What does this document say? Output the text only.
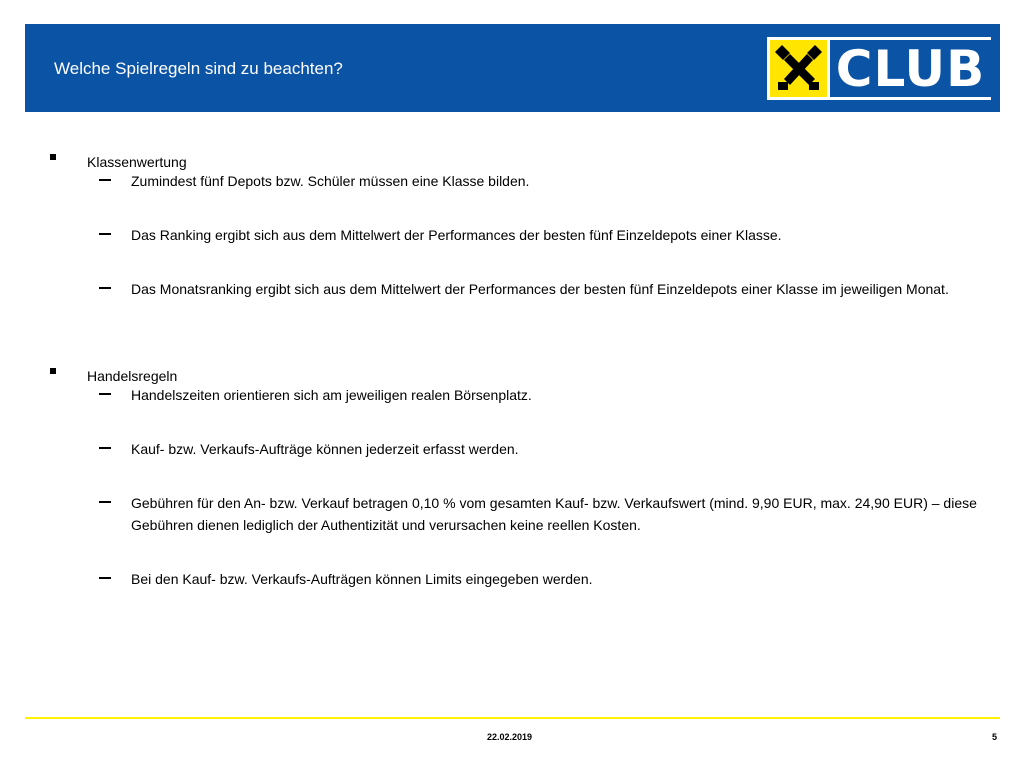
Welche Spielregeln sind zu beachten?	CLUB
Klassenwertung
Zumindest fünf Depots bzw. Schüler müssen eine Klasse bilden.
Das Ranking ergibt sich aus dem Mittelwert der Performances der besten fünf Einzeldepots einer Klasse.
Das Monatsranking ergibt sich aus dem Mittelwert der Performances der besten fünf Einzeldepots einer Klasse im jeweiligen Monat.
Handelsregeln
Handelszeiten orientieren sich am jeweiligen realen Börsenplatz.
Kauf- bzw. Verkaufs-Aufträge können jederzeit erfasst werden.
Gebühren für den An- bzw. Verkauf betragen 0,10 % vom gesamten Kauf- bzw. Verkaufswert (mind. 9,90 EUR, max. 24,90 EUR) – diese Gebühren dienen lediglich der Authentizität und verursachen keine reellen Kosten.
Bei den Kauf- bzw. Verkaufs-Aufträgen können Limits eingegeben werden.
22.02.2019	5
